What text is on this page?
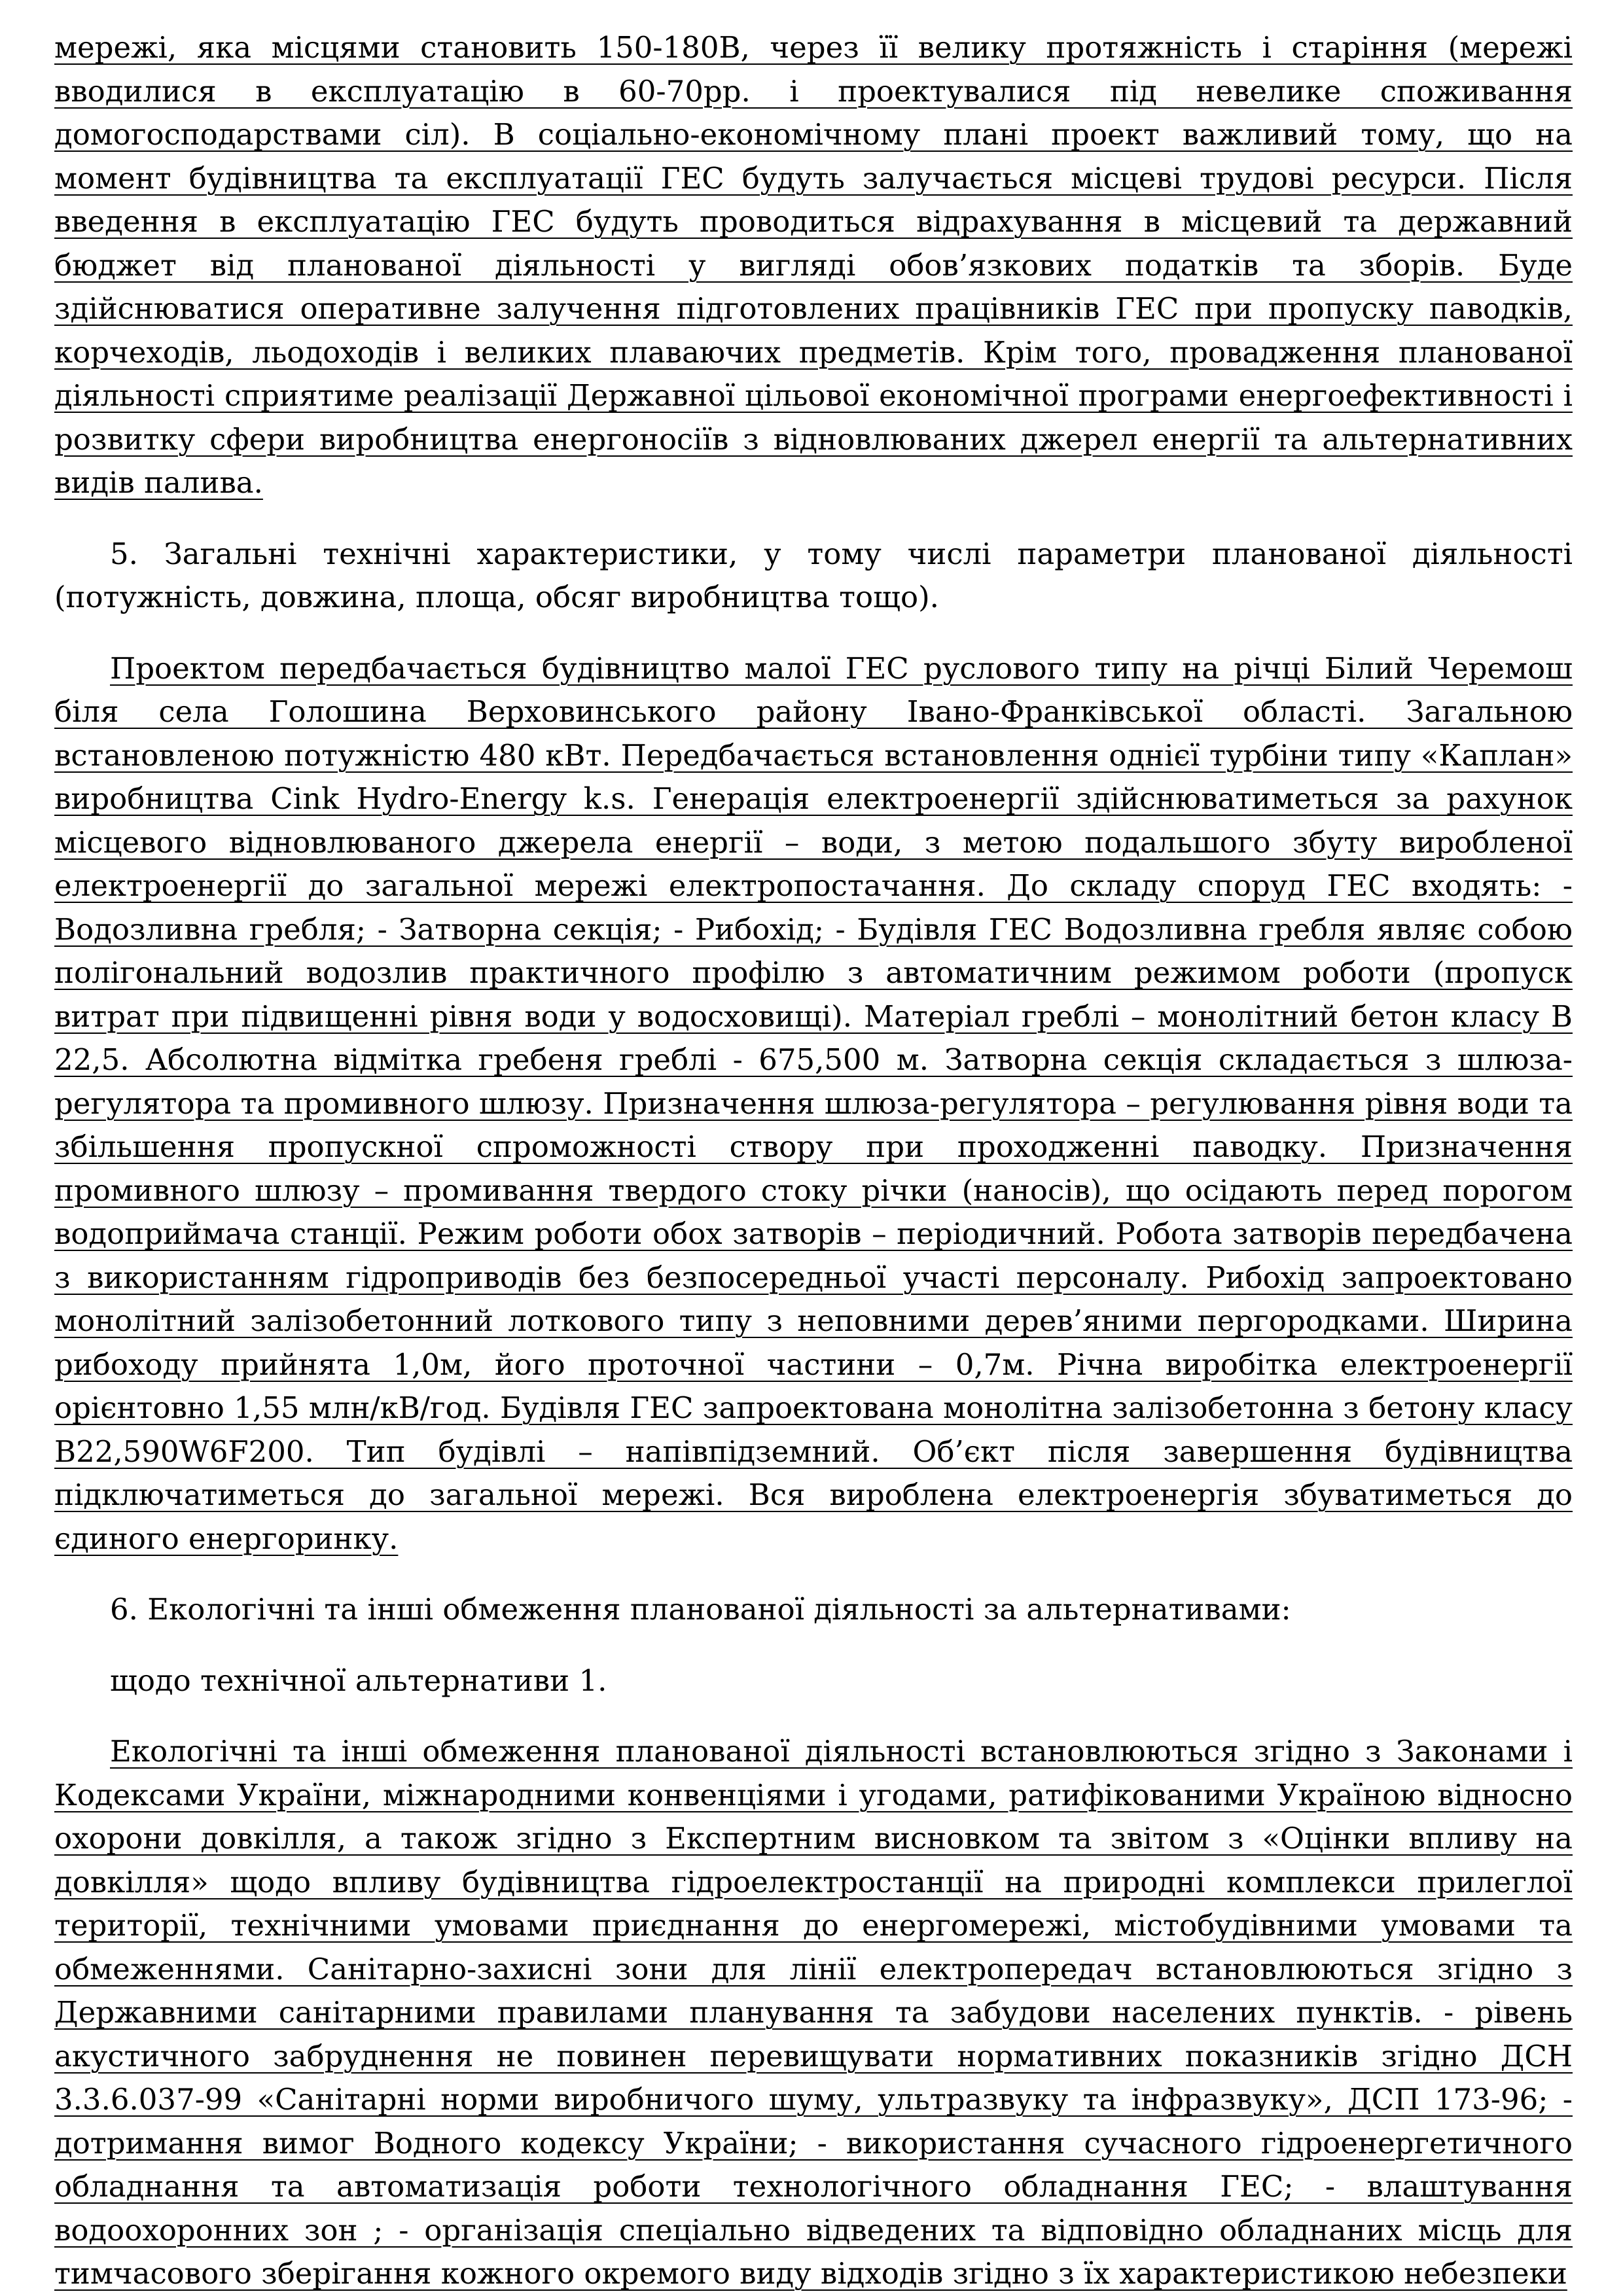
мережі, яка місцями становить 150-180В, через її велику протяжність і старіння (мережі вводилися в експлуатацію в 60-70рр. і проектувалися під невелике споживання домогосподарствами сіл). В соціально-економічному плані проект важливий тому, що на момент будівництва та експлуатації ГЕС будуть залучається місцеві трудові ресурси. Після введення в експлуатацію ГЕС будуть проводиться відрахування в місцевий та державний бюджет від планованої діяльності у вигляді обов’язкових податків та зборів. Буде здійснюватися оперативне залучення підготовлених працівників ГЕС при пропуску паводків, корчеходів, льодоходів і великих плаваючих предметів. Крім того, провадження планованої діяльності сприятиме реалізації Державної цільової економічної програми енергоефективності і розвитку сфери виробництва енергоносіїв з відновлюваних джерел енергії та альтернативних видів палива.

5. Загальні технічні характеристики, у тому числі параметри планованої діяльності (потужність, довжина, площа, обсяг виробництва тощо).

Проектом передбачається будівництво малої ГЕС руслового типу на річці Білий Черемош біля села Голошина Верховинського району Івано-Франківської області. Загальною встановленою потужністю 480 кВт. Передбачається встановлення однієї турбіни типу «Каплан» виробництва Cink Hydro-Energy k.s. Генерація електроенергії здійснюватиметься за рахунок місцевого відновлюваного джерела енергії – води, з метою подальшого збуту виробленої електроенергії до загальної мережі електропостачання. До складу споруд ГЕС входять: - Водозливна гребля; - Затворна секція; - Рибохід; - Будівля ГЕС Водозливна гребля являє собою полігональний водозлив практичного профілю з автоматичним режимом роботи (пропуск витрат при підвищенні рівня води у водосховищі). Матеріал греблі – монолітний бетон класу В 22,5. Абсолютна відмітка гребеня греблі - 675,500 м. Затворна секція складається з шлюза-регулятора та промивного шлюзу. Призначення шлюза-регулятора – регулювання рівня води та збільшення пропускної спроможності створу при проходженні паводку. Призначення промивного шлюзу – промивання твердого стоку річки (наносів), що осідають перед порогом водоприймача станції. Режим роботи обох затворів – періодичний. Робота затворів передбачена з використанням гідроприводів без безпосередньої участі персоналу. Рибохід запроектовано монолітний залізобетонний лоткового типу з неповними дерев’яними пергородками. Ширина рибоходу прийнята 1,0м, його проточної частини – 0,7м. Річна виробітка електроенергії орієнтовно 1,55 млн/кВ/год. Будівля ГЕС запроектована монолітна залізобетонна з бетону класу В22,590W6F200. Тип будівлі – напівпідземний. Об’єкт після завершення будівництва підключатиметься до загальної мережі. Вся вироблена електроенергія збуватиметься до єдиного енергоринку.

6. Екологічні та інші обмеження планованої діяльності за альтернативами:

щодо технічної альтернативи 1.

Екологічні та інші обмеження планованої діяльності встановлюються згідно з Законами і Кодексами України, міжнародними конвенціями і угодами, ратифікованими Україною відносно охорони довкілля, а також згідно з Експертним висновком та звітом з «Оцінки впливу на довкілля» щодо впливу будівництва гідроелектростанції на природні комплекси прилеглої території, технічними умовами приєднання до енергомережі, містобудівними умовами та обмеженнями. Санітарно-захисні зони для лінії електропередач встановлюються згідно з Державними санітарними правилами планування та забудови населених пунктів. - рівень акустичного забруднення не повинен перевищувати нормативних показників згідно ДСН 3.3.6.037-99 «Санітарні норми виробничого шуму, ультразвуку та інфразвуку», ДСП 173-96; - дотримання вимог Водного кодексу України; - використання сучасного гідроенергетичного обладнання та автоматизація роботи технологічного обладнання ГЕС; - влаштування водоохоронних зон ; - організація спеціально відведених та відповідно обладнаних місць для тимчасового зберігання кожного окремого виду відходів згідно з їх характеристикою небезпеки
